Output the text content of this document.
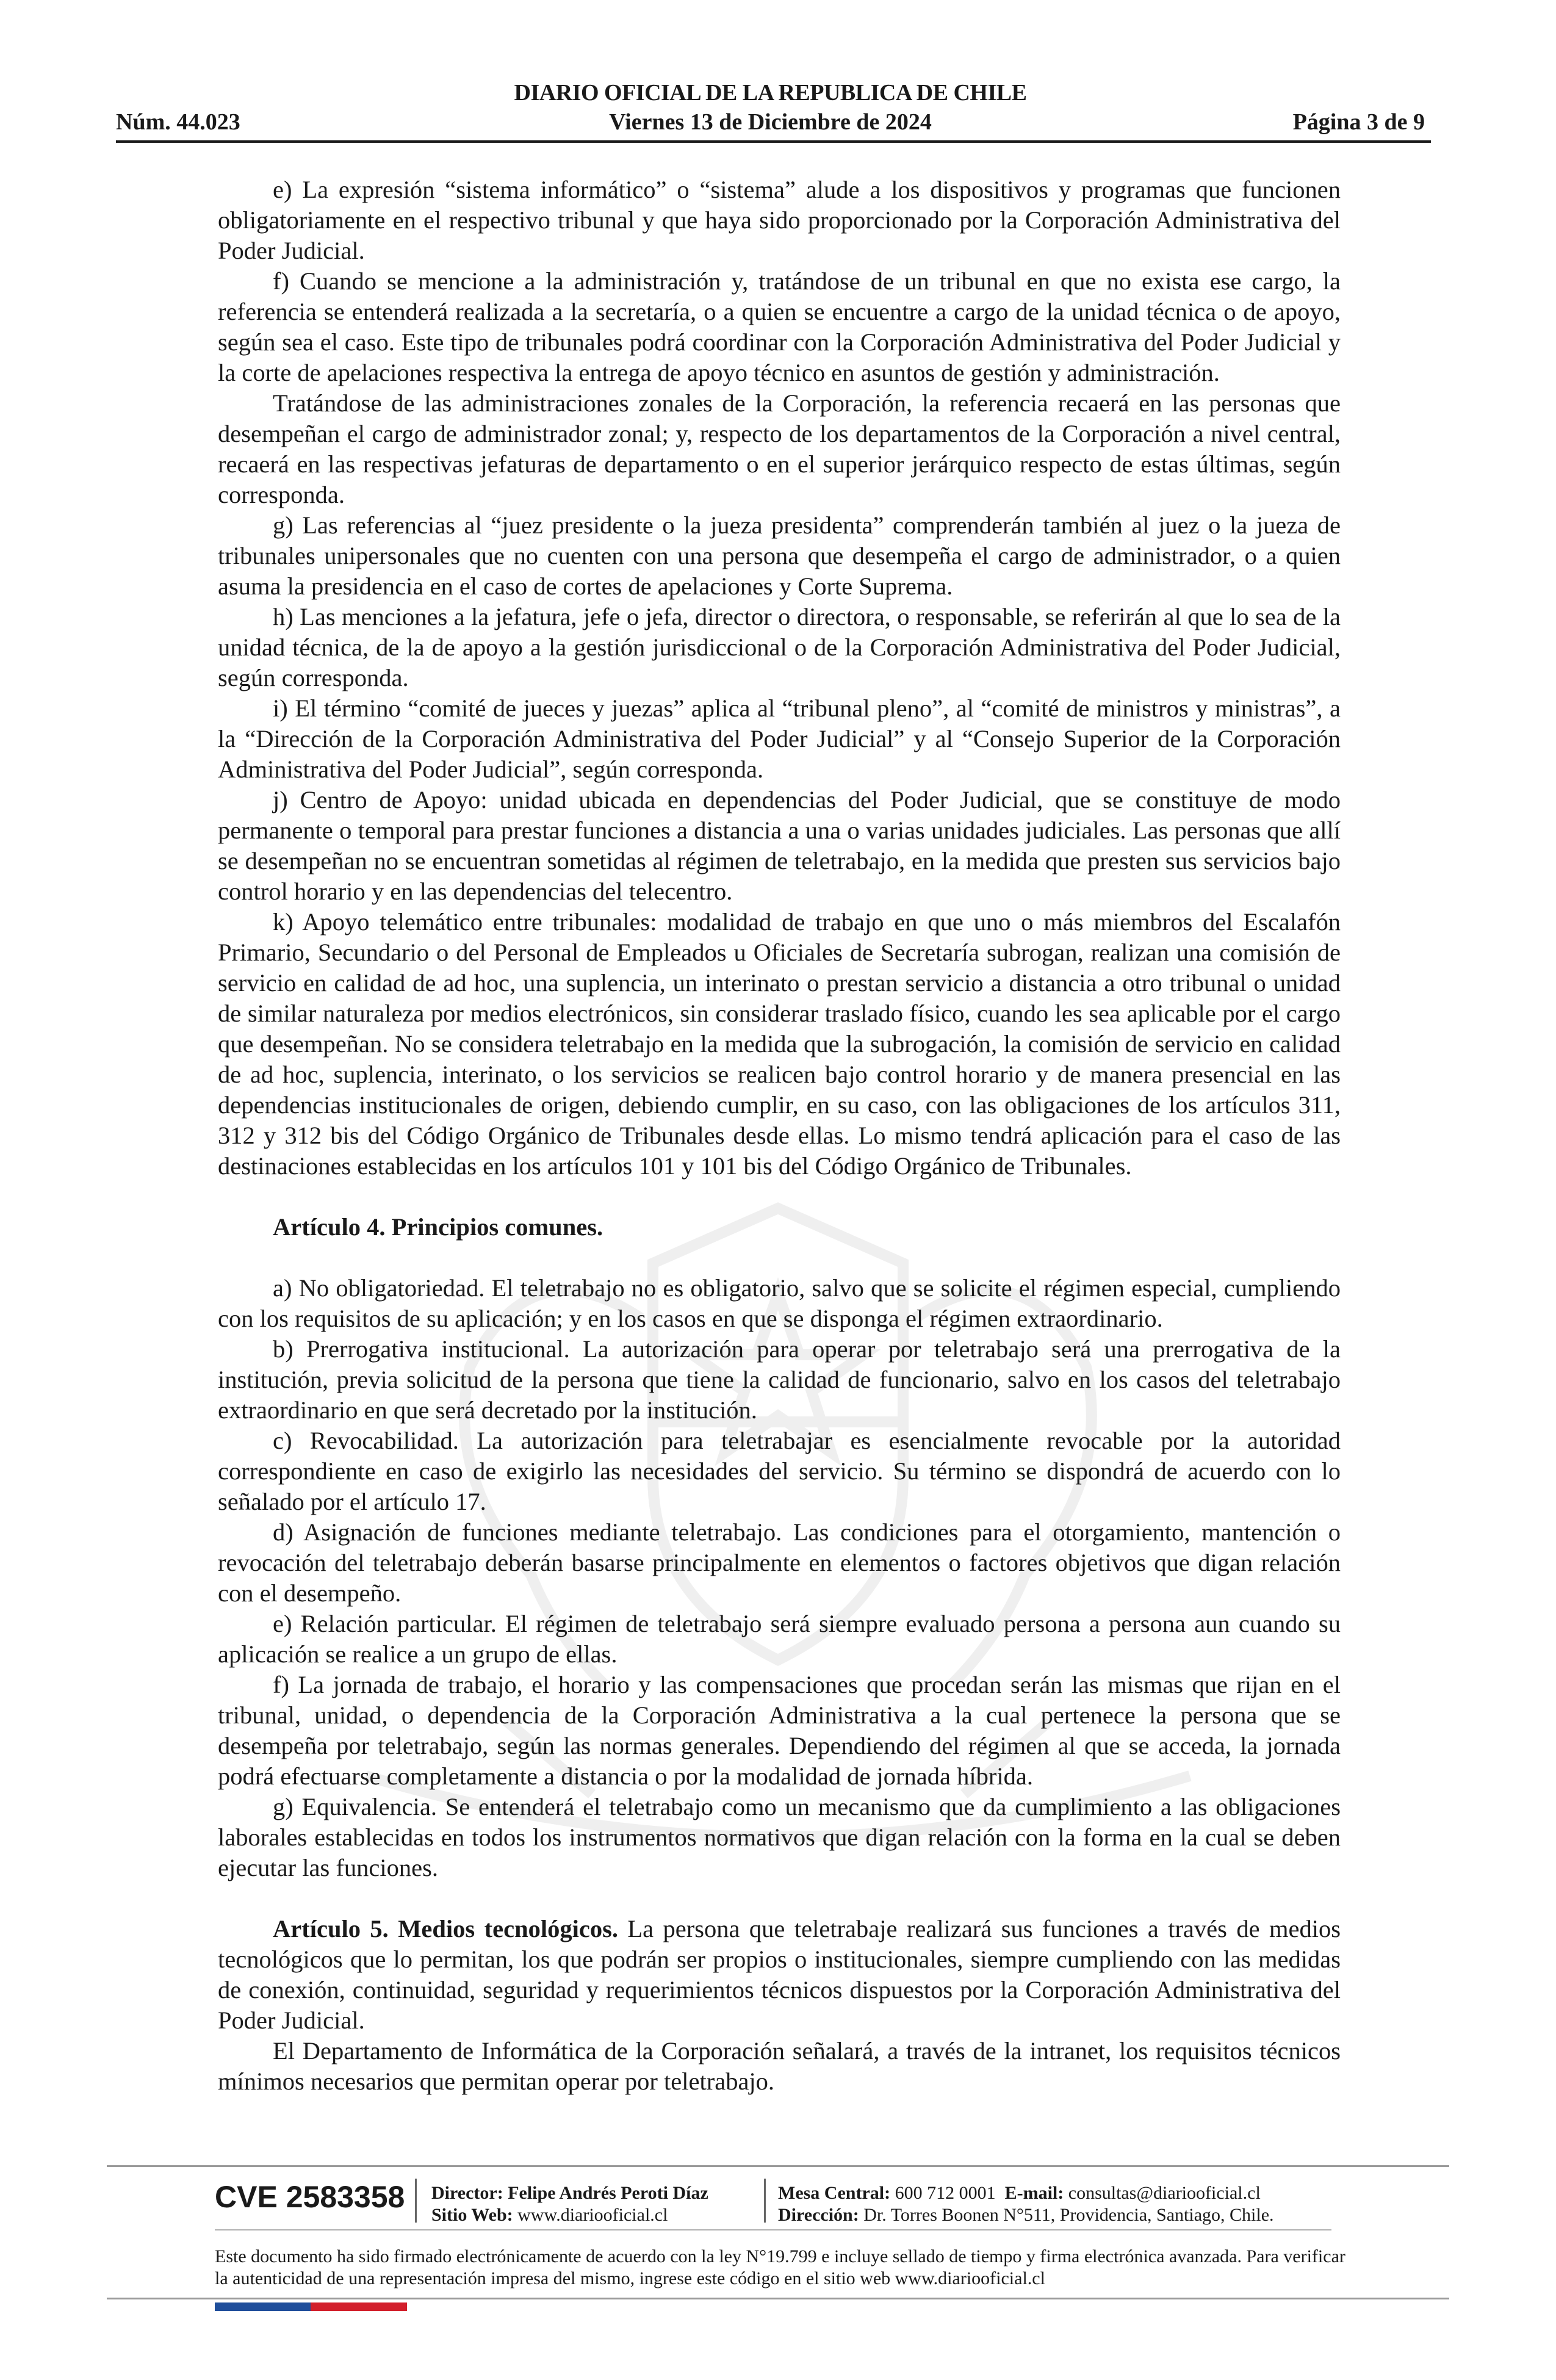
Núm. 44.023
DIARIO OFICIAL DE LA REPUBLICA DE CHILE
Viernes 13 de Diciembre de 2024	Página 3 de 9

e) La expresión “sistema informático” o “sistema” alude a los dispositivos y programas que funcionen obligatoriamente en el respectivo tribunal y que haya sido proporcionado por la Corporación Administrativa del Poder Judicial.

f) Cuando se mencione a la administración y, tratándose de un tribunal en que no exista ese cargo, la referencia se entenderá realizada a la secretaría, o a quien se encuentre a cargo de la unidad técnica o de apoyo, según sea el caso. Este tipo de tribunales podrá coordinar con la Corporación Administrativa del Poder Judicial y la corte de apelaciones respectiva la entrega de apoyo técnico en asuntos de gestión y administración.

Tratándose de las administraciones zonales de la Corporación, la referencia recaerá en las personas que desempeñan el cargo de administrador zonal; y, respecto de los departamentos de la Corporación a nivel central, recaerá en las respectivas jefaturas de departamento o en el superior jerárquico respecto de estas últimas, según corresponda.

g) Las referencias al “juez presidente o la jueza presidenta” comprenderán también al juez o la jueza de tribunales unipersonales que no cuenten con una persona que desempeña el cargo de administrador, o a quien asuma la presidencia en el caso de cortes de apelaciones y Corte Suprema.

h) Las menciones a la jefatura, jefe o jefa, director o directora, o responsable, se referirán al que lo sea de la unidad técnica, de la de apoyo a la gestión jurisdiccional o de la Corporación Administrativa del Poder Judicial, según corresponda.

i) El término “comité de jueces y juezas” aplica al “tribunal pleno”, al “comité de ministros y ministras”, a la “Dirección de la Corporación Administrativa del Poder Judicial” y al “Consejo Superior de la Corporación Administrativa del Poder Judicial”, según corresponda.

j) Centro de Apoyo: unidad ubicada en dependencias del Poder Judicial, que se constituye de modo permanente o temporal para prestar funciones a distancia a una o varias unidades judiciales. Las personas que allí se desempeñan no se encuentran sometidas al régimen de teletrabajo, en la medida que presten sus servicios bajo control horario y en las dependencias del telecentro.

k) Apoyo telemático entre tribunales: modalidad de trabajo en que uno o más miembros del Escalafón Primario, Secundario o del Personal de Empleados u Oficiales de Secretaría subrogan, realizan una comisión de servicio en calidad de ad hoc, una suplencia, un interinato o prestan servicio a distancia a otro tribunal o unidad de similar naturaleza por medios electrónicos, sin considerar traslado físico, cuando les sea aplicable por el cargo que desempeñan. No se considera teletrabajo en la medida que la subrogación, la comisión de servicio en calidad de ad hoc, suplencia, interinato, o los servicios se realicen bajo control horario y de manera presencial en las dependencias institucionales de origen, debiendo cumplir, en su caso, con las obligaciones de los artículos 311, 312 y 312 bis del Código Orgánico de Tribunales desde ellas. Lo mismo tendrá aplicación para el caso de las destinaciones establecidas en los artículos 101 y 101 bis del Código Orgánico de Tribunales.

Artículo 4. Principios comunes.

a) No obligatoriedad. El teletrabajo no es obligatorio, salvo que se solicite el régimen especial, cumpliendo con los requisitos de su aplicación; y en los casos en que se disponga el régimen extraordinario.

b) Prerrogativa institucional. La autorización para operar por teletrabajo será una prerrogativa de la institución, previa solicitud de la persona que tiene la calidad de funcionario, salvo en los casos del teletrabajo extraordinario en que será decretado por la institución.

c) Revocabilidad. La autorización para teletrabajar es esencialmente revocable por la autoridad correspondiente en caso de exigirlo las necesidades del servicio. Su término se dispondrá de acuerdo con lo señalado por el artículo 17.

d) Asignación de funciones mediante teletrabajo. Las condiciones para el otorgamiento, mantención o revocación del teletrabajo deberán basarse principalmente en elementos o factores objetivos que digan relación con el desempeño.

e) Relación particular. El régimen de teletrabajo será siempre evaluado persona a persona aun cuando su aplicación se realice a un grupo de ellas.

f) La jornada de trabajo, el horario y las compensaciones que procedan serán las mismas que rijan en el tribunal, unidad, o dependencia de la Corporación Administrativa a la cual pertenece la persona que se desempeña por teletrabajo, según las normas generales. Dependiendo del régimen al que se acceda, la jornada podrá efectuarse completamente a distancia o por la modalidad de jornada híbrida.

g) Equivalencia. Se entenderá el teletrabajo como un mecanismo que da cumplimiento a las obligaciones laborales establecidas en todos los instrumentos normativos que digan relación con la forma en la cual se deben ejecutar las funciones.

Artículo 5. Medios tecnológicos. La persona que teletrabaje realizará sus funciones a través de medios tecnológicos que lo permitan, los que podrán ser propios o institucionales, siempre cumpliendo con las medidas de conexión, continuidad, seguridad y requerimientos técnicos dispuestos por la Corporación Administrativa del Poder Judicial.

El Departamento de Informática de la Corporación señalará, a través de la intranet, los requisitos técnicos mínimos necesarios que permitan operar por teletrabajo.

CVE 2583358 Director: Felipe Andrés Peroti Díaz
Sitio Web: www.diariooficial.cl
Mesa Central: 600 712 0001 E-mail: consultas@diariooficial.cl
Dirección: Dr. Torres Boonen N°511, Providencia, Santiago, Chile.
Este documento ha sido firmado electrónicamente de acuerdo con la ley N°19.799 e incluye sellado de tiempo y firma electrónica avanzada. Para verificar la autenticidad de una representación impresa del mismo, ingrese este código en el sitio web www.diariooficial.cl
